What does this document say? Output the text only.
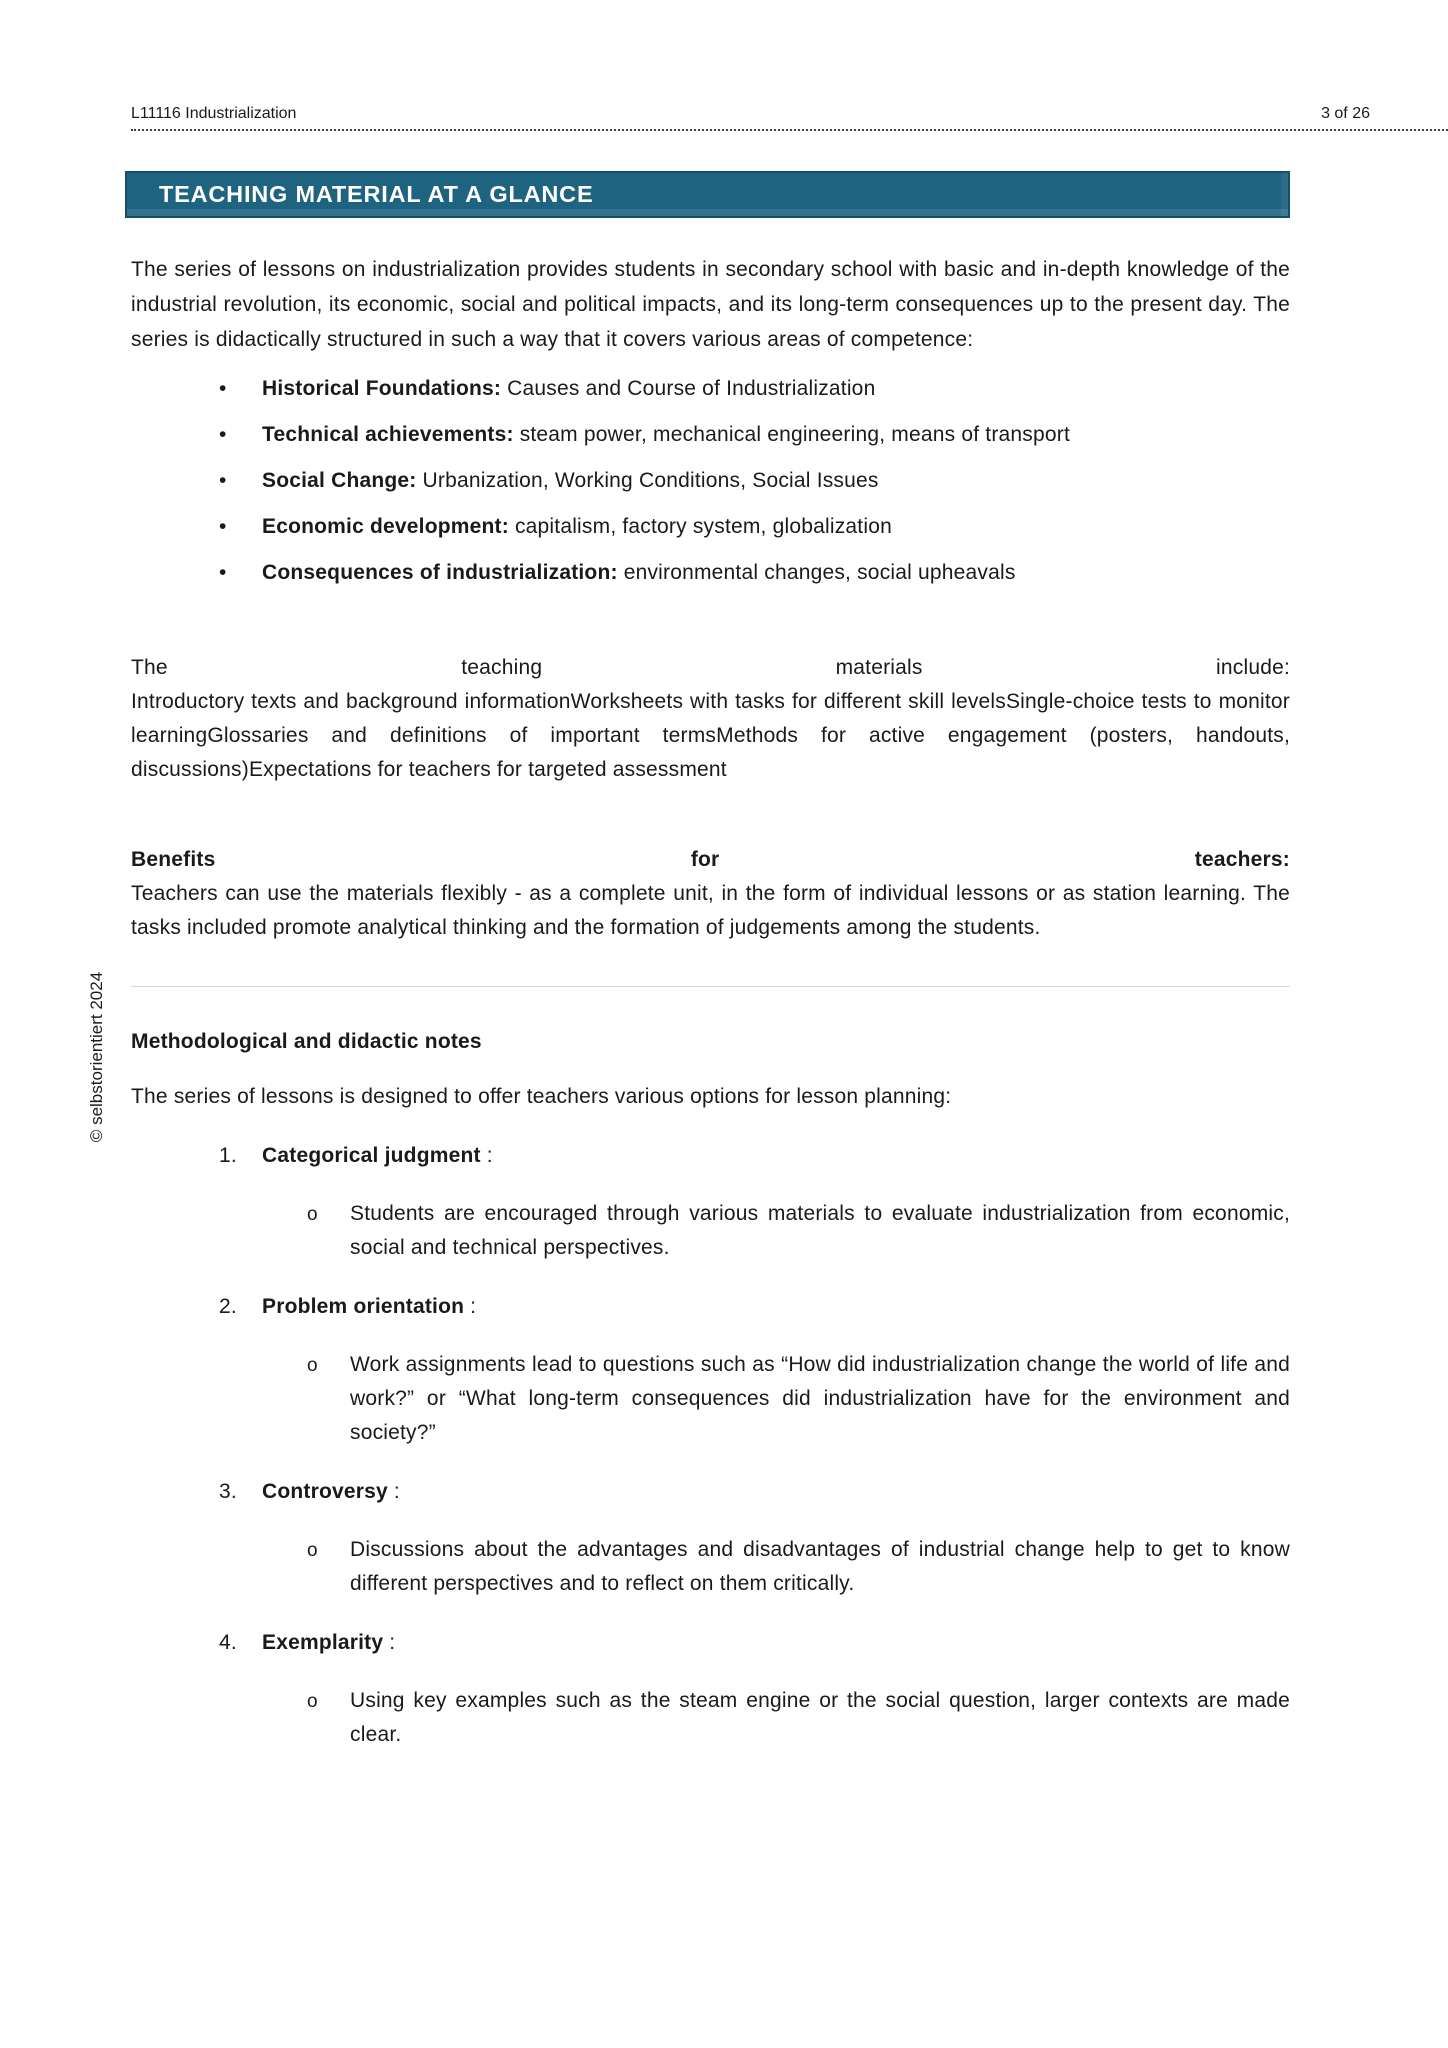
L11116 Industrialization	3 of 26
© selbstorientiert 2024
TEACHING MATERIAL AT A GLANCE

The series of lessons on industrialization provides students in secondary school with basic and in-depth knowledge of the industrial revolution, its economic, social and political impacts, and its long-term consequences up to the present day. The series is didactically structured in such a way that it covers various areas of competence:

• Historical Foundations: Causes and Course of Industrialization
• Technical achievements: steam power, mechanical engineering, means of transport
• Social Change: Urbanization, Working Conditions, Social Issues
• Economic development: capitalism, factory system, globalization
• Consequences of industrialization: environmental changes, social upheavals
The	teaching	materials	include:

Introductory texts and background informationWorksheets with tasks for different skill levelsSingle-choice tests to monitor learningGlossaries and definitions of important termsMethods for active engagement (posters, handouts, discussions)Expectations for teachers for targeted assessment

Benefits	for	teachers:

Teachers can use the materials flexibly - as a complete unit, in the form of individual lessons or as station learning. The tasks included promote analytical thinking and the formation of judgements among the students.

Methodological and didactic notes

The series of lessons is designed to offer teachers various options for lesson planning:

1.	Categorical judgment :
o Students are encouraged through various materials to evaluate industrialization from economic, social and technical perspectives.
2.	Problem orientation :
o Work assignments lead to questions such as “How did industrialization change the world of life and work?” or “What long-term consequences did industrialization have for the environment and society?”
3.	Controversy :
o Discussions about the advantages and disadvantages of industrial change help to get to know different perspectives and to reflect on them critically.
4.	Exemplarity :
o Using key examples such as the steam engine or the social question, larger contexts are made clear.
